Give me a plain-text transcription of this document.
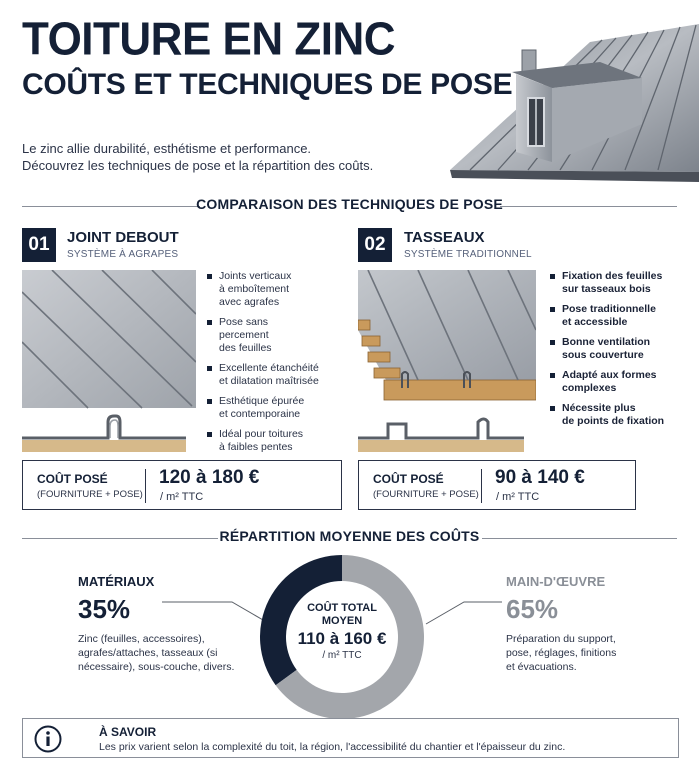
TOITURE EN ZINC
COÛTS ET TECHNIQUES DE POSE
Le zinc allie durabilité, esthétisme et performance.
Découvrez les techniques de pose et la répartition des coûts.
COMPARAISON DES TECHNIQUES DE POSE
01	JOINT DEBOUT
SYSTÈME À AGRAPES
Joints verticaux
à emboîtement
avec agrafes
Pose sans
percement
des feuilles
Excellente étanchéité
et dilatation maîtrisée
Esthétique épurée
et contemporaine
Idéal pour toitures
à faibles pentes
COÛT POSÉ
(FOURNITURE + POSE)
120 à 180 €
/ m² TTC
02	TASSEAUX
SYSTÈME TRADITIONNEL
Fixation des feuilles
sur tasseaux bois
Pose traditionnelle
et accessible
Bonne ventilation
sous couverture
Adapté aux formes
complexes
Nécessite plus
de points de fixation
COÛT POSÉ
(FOURNITURE + POSE)
90 à 140 €
/ m² TTC
RÉPARTITION MOYENNE DES COÛTS
MATÉRIAUX
35%
Zinc (feuilles, accessoires),
agrafes/attaches, tasseaux (si
nécessaire), sous-couche, divers.
MAIN-D'ŒUVRE
65%
Préparation du support,
pose, réglages, finitions
et évacuations.
COÛT TOTAL
MOYEN
110 à 160 €
/ m² TTC
À SAVOIR
Les prix varient selon la complexité du toit, la région, l'accessibilité du chantier et l'épaisseur du zinc.
